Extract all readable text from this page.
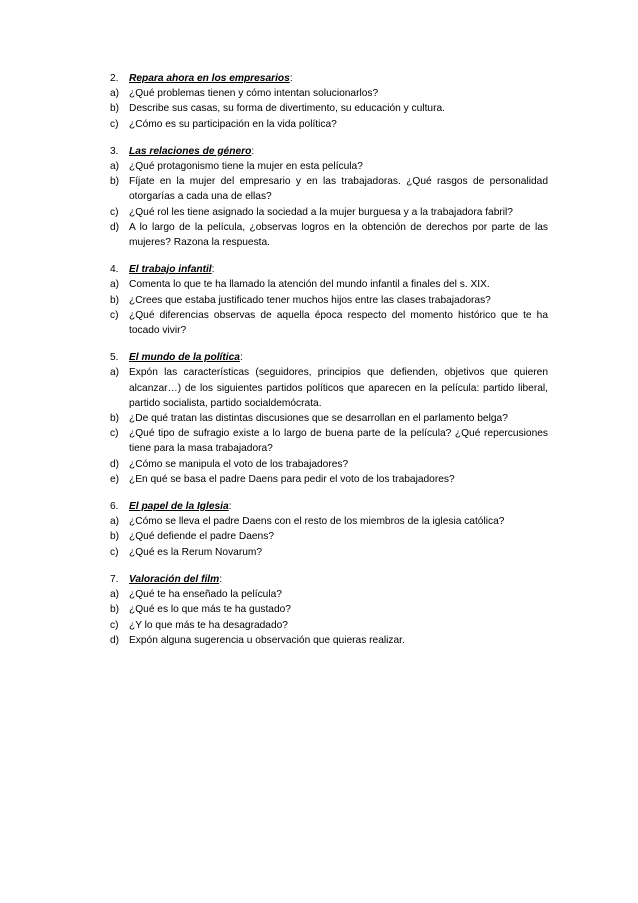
2.	Repara ahora en los empresarios:
a) ¿Qué problemas tienen y cómo intentan solucionarlos?
b) Describe sus casas, su forma de divertimento, su educación y cultura.
c)	¿Cómo es su participación en la vida política?
3.	Las relaciones de género:
a) ¿Qué protagonismo tiene la mujer en esta película?
b) Fíjate en la mujer del empresario y en las trabajadoras. ¿Qué rasgos de personalidad otorgarías a cada una de ellas?
c)	¿Qué rol les tiene asignado la sociedad a la mujer burguesa y a la trabajadora fabril?
d) A lo largo de la película, ¿observas logros en la obtención de derechos por parte de las mujeres? Razona la respuesta.
4.	El trabajo infantil:
a) Comenta lo que te ha llamado la atención del mundo infantil a finales del s. XIX.
b) ¿Crees que estaba justificado tener muchos hijos entre las clases trabajadoras?
c)	¿Qué diferencias observas de aquella época respecto del momento histórico que te ha tocado vivir?
5.	El mundo de la política:
a) Expón las características (seguidores, principios que defienden, objetivos que quieren alcanzar…) de los siguientes partidos políticos que aparecen en la película: partido liberal, partido socialista, partido socialdemócrata.
b) ¿De qué tratan las distintas discusiones que se desarrollan en el parlamento belga?
c)	¿Qué tipo de sufragio existe a lo largo de buena parte de la película? ¿Qué repercusiones tiene para la masa trabajadora?
d) ¿Cómo se manipula el voto de los trabajadores?
e) ¿En qué se basa el padre Daens para pedir el voto de los trabajadores?
6.	El papel de la Iglesia:
a) ¿Cómo se lleva el padre Daens con el resto de los miembros de la iglesia católica?
b) ¿Qué defiende el padre Daens?
c)	¿Qué es la Rerum Novarum?
7.	Valoración del film:
a) ¿Qué te ha enseñado la película?
b) ¿Qué es lo que más te ha gustado?
c)	¿Y lo que más te ha desagradado?
d) Expón alguna sugerencia u observación que quieras realizar.
